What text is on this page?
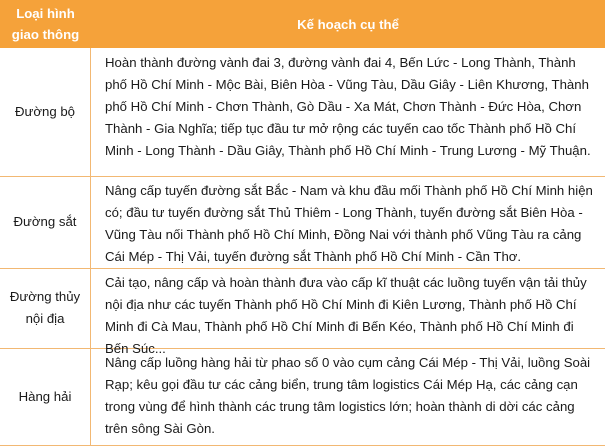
Loại hình giao thông
Kế hoạch cụ thể
Đường bộ
Hoàn thành đường vành đai 3, đường vành đai 4, Bến Lức - Long Thành, Thành phố Hồ Chí Minh - Mộc Bài, Biên Hòa - Vũng Tàu, Dầu Giây - Liên Khương, Thành phố Hồ Chí Minh - Chơn Thành, Gò Dầu - Xa Mát, Chơn Thành - Đức Hòa, Chơn Thành - Gia Nghĩa; tiếp tục đầu tư mở rộng các tuyến cao tốc Thành phố Hồ Chí Minh - Long Thành - Dầu Giây, Thành phố Hồ Chí Minh - Trung Lương - Mỹ Thuận.
Đường sắt
Nâng cấp tuyến đường sắt Bắc - Nam và khu đầu mối Thành phố Hồ Chí Minh hiện có; đầu tư tuyến đường sắt Thủ Thiêm - Long Thành, tuyến đường sắt Biên Hòa - Vũng Tàu nối Thành phố Hồ Chí Minh, Đồng Nai với thành phố Vũng Tàu ra cảng Cái Mép - Thị Vải, tuyến đường sắt Thành phố Hồ Chí Minh - Cần Thơ.
Đường thủy nội địa
Cải tạo, nâng cấp và hoàn thành đưa vào cấp kĩ thuật các luồng tuyến vận tải thủy nội địa như các tuyến Thành phố Hồ Chí Minh đi Kiên Lương, Thành phố Hồ Chí Minh đi Cà Mau, Thành phố Hồ Chí Minh đi Bến Kéo, Thành phố Hồ Chí Minh đi Bến Súc...
Hàng hải
Nâng cấp luồng hàng hải từ phao số 0 vào cụm cảng Cái Mép - Thị Vải, luồng Soài Rạp; kêu gọi đầu tư các cảng biển, trung tâm logistics Cái Mép Hạ, các cảng cạn trong vùng để hình thành các trung tâm logistics lớn; hoàn thành di dời các cảng trên sông Sài Gòn.
